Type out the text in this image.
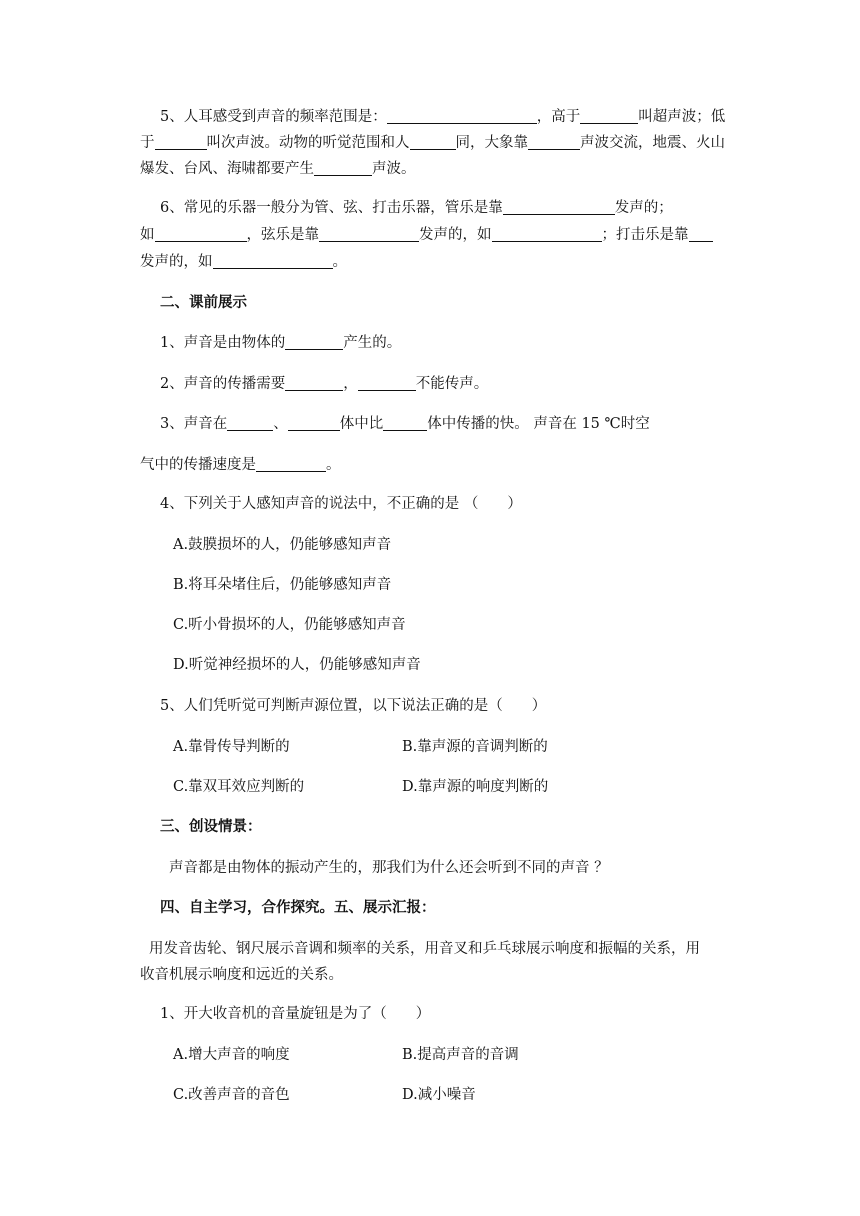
5、人耳感受到声音的频率范围是：	，高于	叫超声波；低
于	叫次声波。动物的听觉范围和人	同，大象靠	声波交流，地震、火山
爆发、台风、海啸都要产生	声波。
6、常见的乐器一般分为管、弦、打击乐器，管乐是靠	发声的；
如	，弦乐是靠	发声的，如	；打击乐是靠
发声的，如	。
二、课前展示
1、声音是由物体的	产生的。
2、声音的传播需要	，	不能传声。
3、声音在	、	体中比	体中传播的快。 声音在 15 ℃时空
气中的传播速度是	。
4、下列关于人感知声音的说法中，不正确的是 （　　）
A.鼓膜损坏的人，仍能够感知声音
B.将耳朵堵住后，仍能够感知声音
C.听小骨损坏的人，仍能够感知声音
D.听觉神经损坏的人，仍能够感知声音
5、人们凭听觉可判断声源位置，以下说法正确的是（　　）
A.靠骨传导判断的	B.靠声源的音调判断的
C.靠双耳效应判断的	D.靠声源的响度判断的
三、创设情景：
声音都是由物体的振动产生的，那我们为什么还会听到不同的声音 ？
四、自主学习，合作探究。五、展示汇报：
用发音齿轮、钢尺展示音调和频率的关系，用音叉和乒乓球展示响度和振幅的关系，用
收音机展示响度和远近的关系。
1、开大收音机的音量旋钮是为了（　　）
A.增大声音的响度	B.提高声音的音调
C.改善声音的音色	D.减小噪音
